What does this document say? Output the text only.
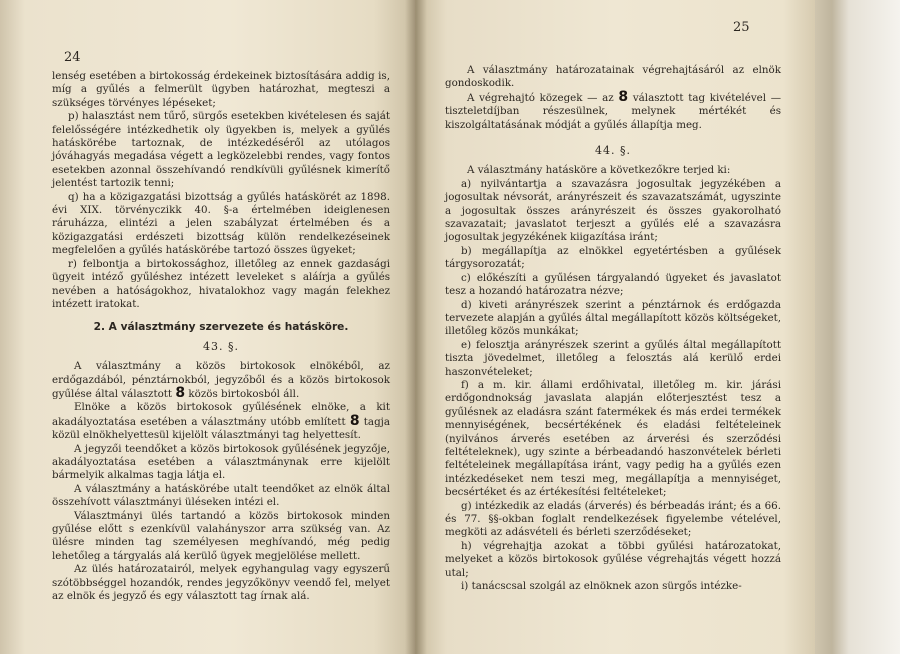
24

lenség esetében a birtokosság érdekeinek biztosítására addig is, míg a gyűlés a felmerült ügyben határozhat, megteszi a szükséges törvényes lépéseket;

p) halasztást nem tűrő, sürgős esetekben kivételesen és saját felelősségére intézkedhetik oly ügyekben is, melyek a gyűlés hatáskörébe tartoznak, de intézkedéséről az utólagos jóváhagyás megadása végett a legközelebbi rendes, vagy fontos esetekben azonnal összehívandó rendkívüli gyűlésnek kimerítő jelentést tartozik tenni;

q) ha a közigazgatási bizottság a gyűlés hatáskörét az 1898. évi XIX. törvényczikk 40. §-a értelmében ideiglenesen ráruházza, elintézi a jelen szabályzat értelmében és a közigazgatási erdészeti bizottság külön rendelkezéseinek megfelelően a gyűlés hatáskörébe tartozó összes ügyeket;

r) felbontja a birtokossághoz, illetőleg az ennek gazdasági ügyeit intéző gyűléshez intézett leveleket s aláírja a gyűlés nevében a hatóságokhoz, hivatalokhoz vagy magán felekhez intézett iratokat.

2. A választmány szervezete és hatásköre.
43. §.

A választmány a közös birtokosok elnökéből, az erdőgazdából, pénztárnokból, jegyzőből és a közös birtokosok gyűlése által választott 8 közös birtokosból áll.

Elnöke a közös birtokosok gyűlésének elnöke, a kit akadályoztatása esetében a választmány utóbb említett 8 tagja közül elnökhelyettesül kijelölt választmányi tag helyettesít.

A jegyzői teendőket a közös birtokosok gyűlésének jegyzője, akadályoztatása esetében a választmánynak erre kijelölt bármelyik alkalmas tagja látja el.

A választmány a hatáskörébe utalt teendőket az elnök által összehívott választmányi üléseken intézi el.

Választmányi ülés tartandó a közös birtokosok minden gyűlése előtt s ezenkívül valahányszor arra szükség van. Az ülésre minden tag személyesen meghívandó, még pedig lehetőleg a tárgyalás alá kerülő ügyek megjelölése mellett.

Az ülés határozatairól, melyek egyhangulag vagy egyszerű szótöbbséggel hozandók, rendes jegyzőkönyv veendő fel, melyet az elnök és jegyző és egy választott tag írnak alá.

25

A választmány határozatainak végrehajtásáról az elnök gondoskodik.

A végrehajtó közegek — az 8 választott tag kivételével — tiszteletdíjban részesülnek, melynek mértékét és kiszolgáltatásának módját a gyűlés állapítja meg.

44. §.

A választmány hatásköre a következőkre terjed ki:

a) nyilvántartja a szavazásra jogosultak jegyzékében a jogosultak névsorát, arányrészeit és szavazatszámát, ugyszinte a jogosultak összes arányrészeit és összes gyakorolható szavazatait; javaslatot terjeszt a gyűlés elé a szavazásra jogosultak jegyzékének kiigazítása iránt;

b) megállapítja az elnökkel egyetértésben a gyűlések tárgysorozatát;

c) előkészíti a gyűlésen tárgyalandó ügyeket és javaslatot tesz a hozandó határozatra nézve;

d) kiveti arányrészek szerint a pénztárnok és erdőgazda tervezete alapján a gyűlés által megállapított közös költségeket, illetőleg közös munkákat;

e) felosztja arányrészek szerint a gyűlés által megállapított tiszta jövedelmet, illetőleg a felosztás alá kerülő erdei haszonvételeket;

f) a m. kir. állami erdőhivatal, illetőleg m. kir. járási erdőgondnokság javaslata alapján előterjesztést tesz a gyűlésnek az eladásra szánt fatermékek és más erdei termékek mennyiségének, becsértékének és eladási feltételeinek (nyilvános árverés esetében az árverési és szerződési feltételeknek), ugy szinte a bérbeadandó haszonvételek bérleti feltételeinek megállapítása iránt, vagy pedig ha a gyűlés ezen intézkedéseket nem teszi meg, megállapítja a mennyiséget, becsértéket és az értékesítési feltételeket;

g) intézkedik az eladás (árverés) és bérbeadás iránt; és a 66. és 77. §§-okban foglalt rendelkezések figyelembe vételével, megköti az adásvételi és bérleti szerződéseket;

h) végrehajtja azokat a többi gyűlési határozatokat, melyeket a közös birtokosok gyűlése végrehajtás végett hozzá utal;

i) tanácscsal szolgál az elnöknek azon sürgős intézke-
